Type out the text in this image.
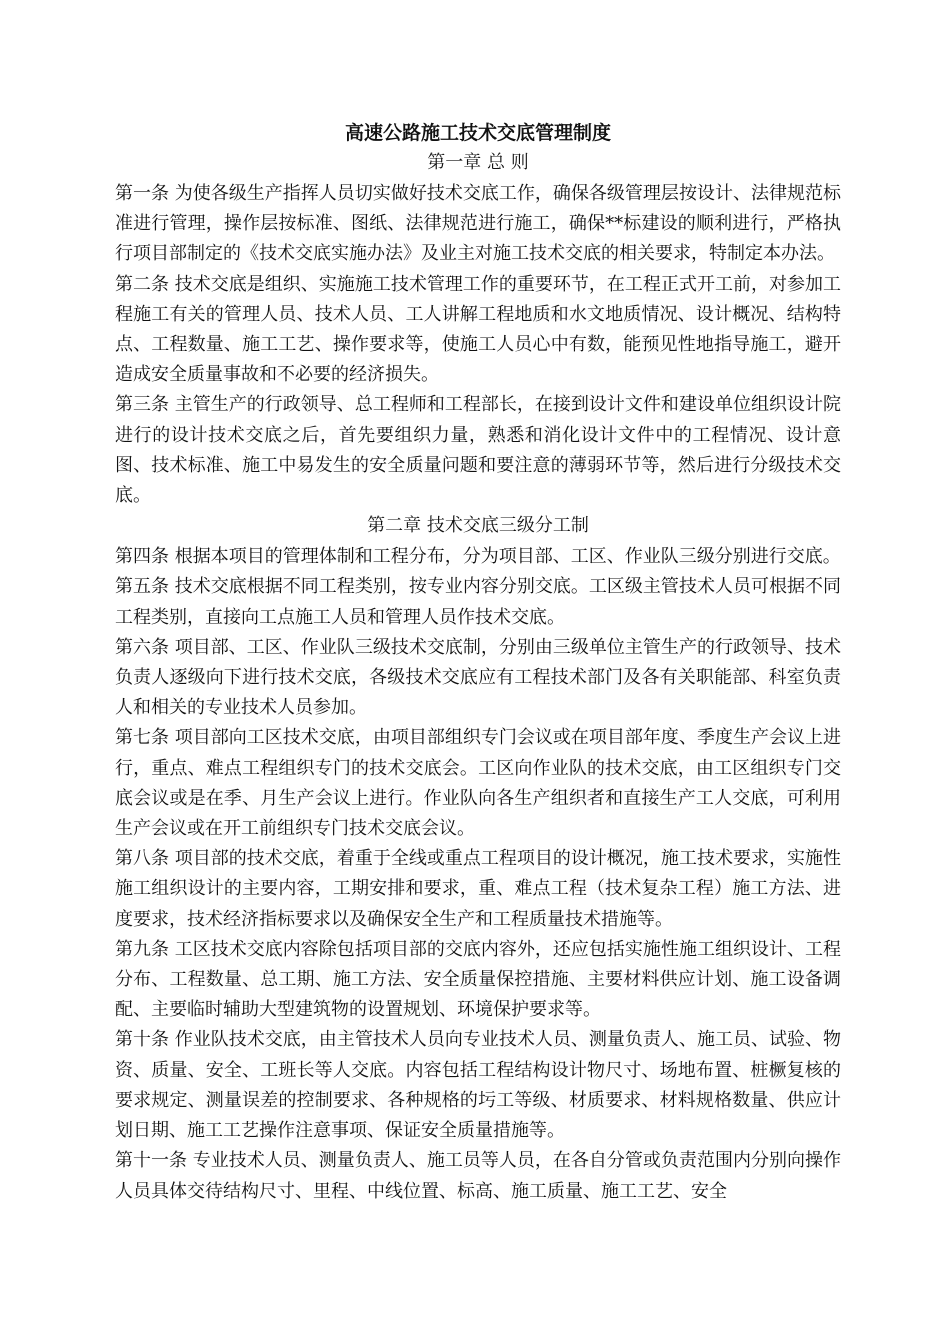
高速公路施工技术交底管理制度

第一章 总 则

第一条 为使各级生产指挥人员切实做好技术交底工作，确保各级管理层按设计、法律规范标准进行管理，操作层按标准、图纸、法律规范进行施工，确保**标建设的顺利进行，严格执行项目部制定的《技术交底实施办法》及业主对施工技术交底的相关要求，特制定本办法。

第二条 技术交底是组织、实施施工技术管理工作的重要环节，在工程正式开工前，对参加工程施工有关的管理人员、技术人员、工人讲解工程地质和水文地质情况、设计概况、结构特点、工程数量、施工工艺、操作要求等，使施工人员心中有数，能预见性地指导施工，避开造成安全质量事故和不必要的经济损失。

第三条 主管生产的行政领导、总工程师和工程部长，在接到设计文件和建设单位组织设计院进行的设计技术交底之后，首先要组织力量，熟悉和消化设计文件中的工程情况、设计意图、技术标准、施工中易发生的安全质量问题和要注意的薄弱环节等，然后进行分级技术交底。

第二章 技术交底三级分工制

第四条 根据本项目的管理体制和工程分布，分为项目部、工区、作业队三级分别进行交底。

第五条 技术交底根据不同工程类别，按专业内容分别交底。工区级主管技术人员可根据不同工程类别，直接向工点施工人员和管理人员作技术交底。

第六条 项目部、工区、作业队三级技术交底制，分别由三级单位主管生产的行政领导、技术负责人逐级向下进行技术交底，各级技术交底应有工程技术部门及各有关职能部、科室负责人和相关的专业技术人员参加。

第七条 项目部向工区技术交底，由项目部组织专门会议或在项目部年度、季度生产会议上进行，重点、难点工程组织专门的技术交底会。工区向作业队的技术交底，由工区组织专门交底会议或是在季、月生产会议上进行。作业队向各生产组织者和直接生产工人交底，可利用生产会议或在开工前组织专门技术交底会议。

第八条 项目部的技术交底，着重于全线或重点工程项目的设计概况，施工技术要求，实施性施工组织设计的主要内容，工期安排和要求，重、难点工程（技术复杂工程）施工方法、进度要求，技术经济指标要求以及确保安全生产和工程质量技术措施等。

第九条 工区技术交底内容除包括项目部的交底内容外，还应包括实施性施工组织设计、工程分布、工程数量、总工期、施工方法、安全质量保控措施、主要材料供应计划、施工设备调配、主要临时辅助大型建筑物的设置规划、环境保护要求等。

第十条 作业队技术交底，由主管技术人员向专业技术人员、测量负责人、施工员、试验、物资、质量、安全、工班长等人交底。内容包括工程结构设计物尺寸、场地布置、桩橛复核的要求规定、测量误差的控制要求、各种规格的圬工等级、材质要求、材料规格数量、供应计划日期、施工工艺操作注意事项、保证安全质量措施等。

第十一条 专业技术人员、测量负责人、施工员等人员，在各自分管或负责范围内分别向操作人员具体交待结构尺寸、里程、中线位置、标高、施工质量、施工工艺、安全
